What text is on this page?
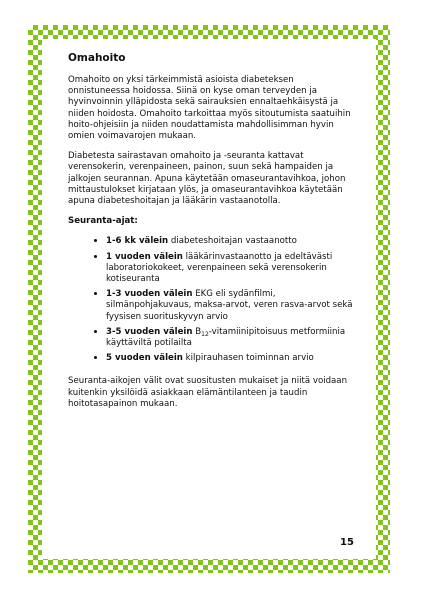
Omahoito

Omahoito on yksi tärkeimmistä asioista diabeteksen onnistuneessa hoidossa. Siinä on kyse oman terveyden ja hyvinvoinnin ylläpidosta sekä sairauksien ennaltaehkäisystä ja niiden hoidosta. Omahoito tarkoittaa myös sitoutumista saatuihin hoito-ohjeisiin ja niiden noudattamista mahdollisimman hyvin omien voimavarojen mukaan.

Diabetesta sairastavan omahoito ja -seuranta kattavat verensokerin, verenpaineen, painon, suun sekä hampaiden ja jalkojen seurannan. Apuna käytetään omaseurantavihkoa, johon mittaustulokset kirjataan ylös, ja omaseurantavihkoa käytetään apuna diabeteshoitajan ja lääkärin vastaanotolla.

Seuranta-ajat:
• 1-6 kk välein diabeteshoitajan vastaanotto
• 1 vuoden välein lääkärinvastaanotto ja edeltävästi laboratoriokokeet, verenpaineen sekä verensokerin kotiseuranta
• 1-3 vuoden välein EKG eli sydänfilmi, silmänpohjakuvaus, maksa-arvot, veren rasva-arvot sekä fyysisen suorituskyvyn arvio
• 3-5 vuoden välein $B_{12}$-vitamiinipitoisuus metformiinia käyttäviltä potilailta
• 5 vuoden välein kilpirauhasen toiminnan arvio

Seuranta-aikojen välit ovat suositusten mukaiset ja niitä voidaan kuitenkin yksilöidä asiakkaan elämäntilanteen ja taudin hoitotasapainon mukaan.

15
